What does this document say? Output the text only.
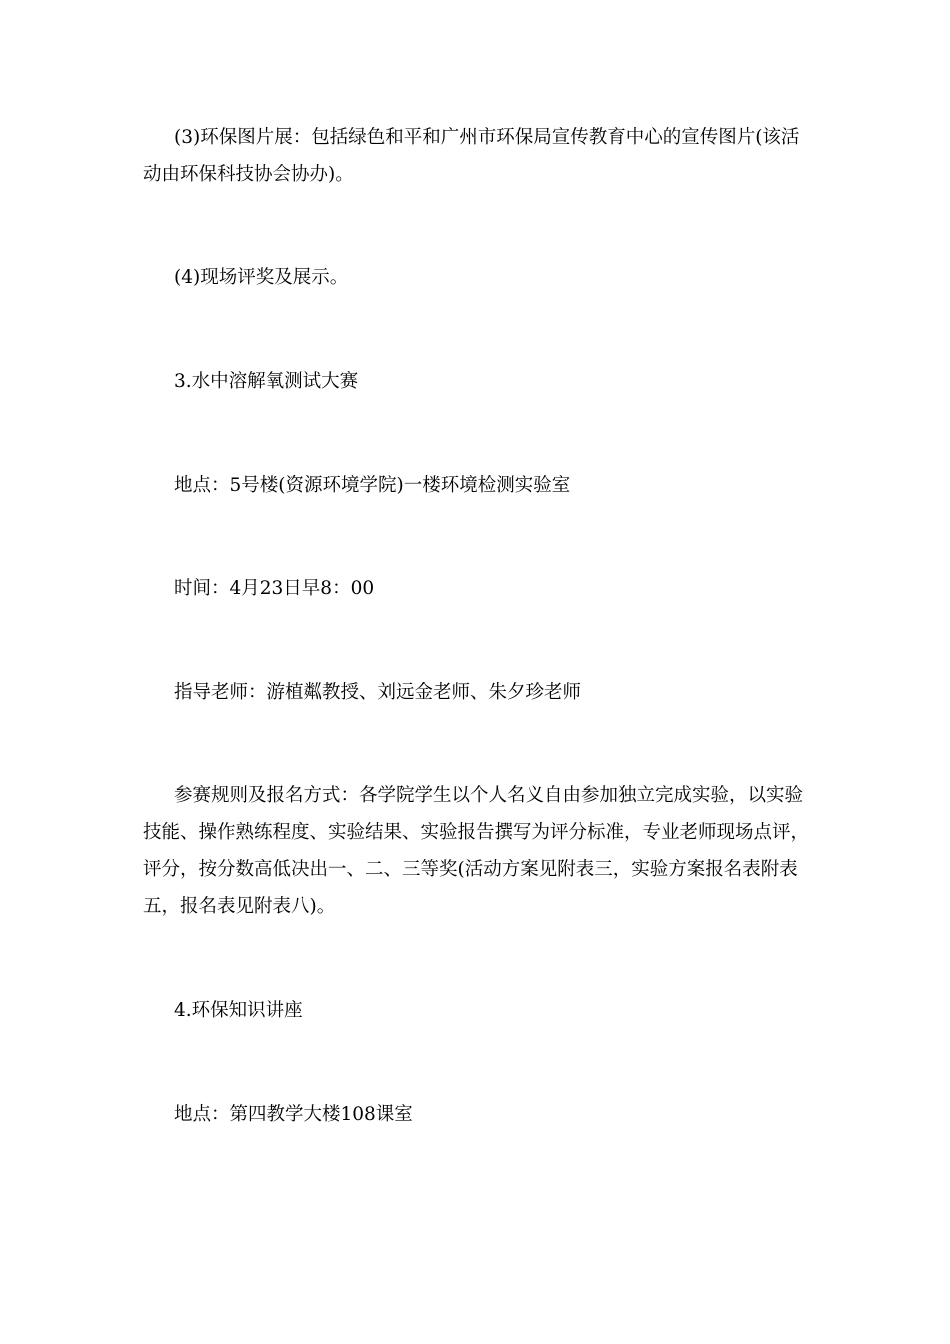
(3)环保图片展：包括绿色和平和广州市环保局宣传教育中心的宣传图片(该活动由环保科技协会协办)。

(4)现场评奖及展示。

3.水中溶解氧测试大赛

地点：5号楼(资源环境学院)一楼环境检测实验室

时间：4月23日早8：00

指导老师：游植粼教授、刘远金老师、朱夕珍老师

参赛规则及报名方式：各学院学生以个人名义自由参加独立完成实验，以实验技能、操作熟练程度、实验结果、实验报告撰写为评分标准，专业老师现场点评，评分，按分数高低决出一、二、三等奖(活动方案见附表三，实验方案报名表附表五，报名表见附表八)。

4.环保知识讲座

地点：第四教学大楼108课室
